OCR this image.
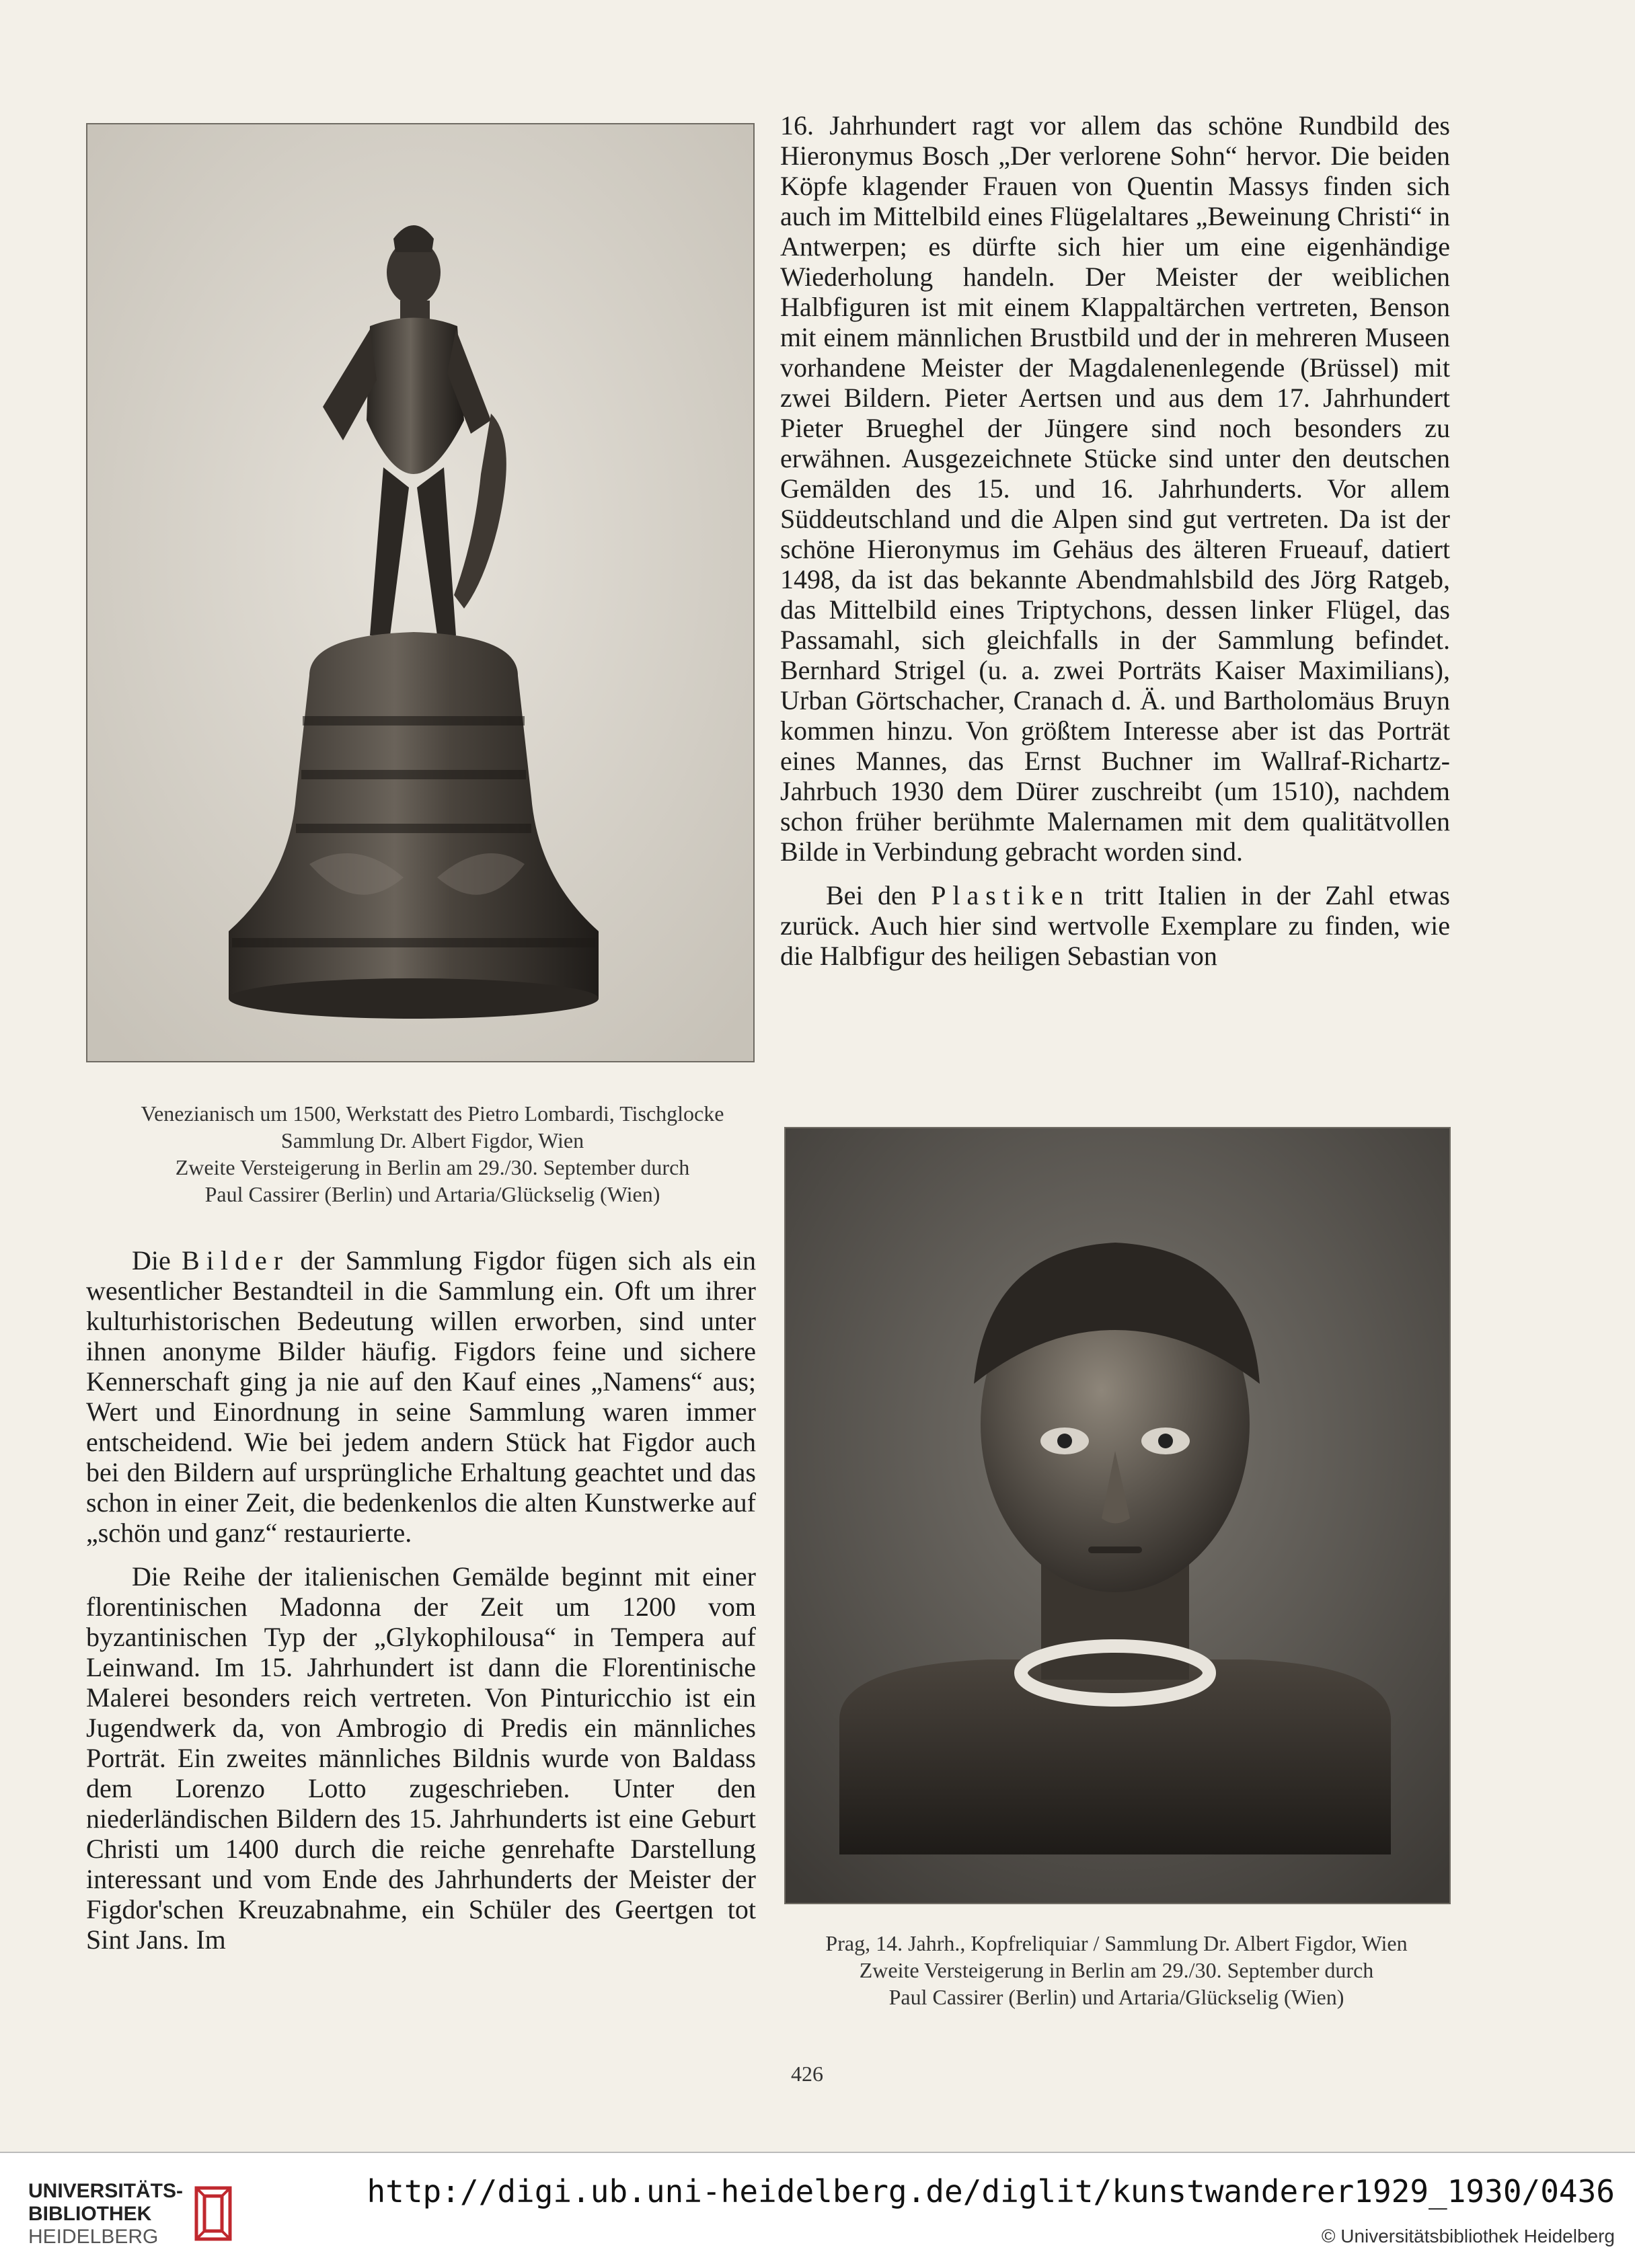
Venezianisch um 1500, Werkstatt des Pietro Lombardi, Tischglocke
Sammlung Dr. Albert Figdor, Wien
Zweite Versteigerung in Berlin am 29./30. September durch
Paul Cassirer (Berlin) und Artaria/Glückselig (Wien)

16. Jahrhundert ragt vor allem das schöne Rundbild des Hieronymus Bosch „Der verlorene Sohn“ hervor. Die beiden Köpfe klagender Frauen von Quentin Massys finden sich auch im Mittelbild eines Flügelaltares „Beweinung Christi“ in Antwerpen; es dürfte sich hier um eine eigenhändige Wiederholung handeln. Der Meister der weiblichen Halbfiguren ist mit einem Klappaltärchen vertreten, Benson mit einem männlichen Brustbild und der in mehreren Museen vorhandene Meister der Magdalenenlegende (Brüssel) mit zwei Bildern. Pieter Aertsen und aus dem 17. Jahrhundert Pieter Brueghel der Jüngere sind noch besonders zu erwähnen. Ausgezeichnete Stücke sind unter den deutschen Gemälden des 15. und 16. Jahrhunderts. Vor allem Süddeutschland und die Alpen sind gut vertreten. Da ist der schöne Hieronymus im Gehäus des älteren Frueauf, datiert 1498, da ist das bekannte Abendmahlsbild des Jörg Ratgeb, das Mittelbild eines Triptychons, dessen linker Flügel, das Passamahl, sich gleichfalls in der Sammlung befindet. Bernhard Strigel (u. a. zwei Porträts Kaiser Maximilians), Urban Görtschacher, Cranach d. Ä. und Bartholomäus Bruyn kommen hinzu. Von größtem Interesse aber ist das Porträt eines Mannes, das Ernst Buchner im Wallraf-Richartz-Jahrbuch 1930 dem Dürer zuschreibt (um 1510), nachdem schon früher berühmte Malernamen mit dem qualitätvollen Bilde in Verbindung gebracht worden sind.

Bei den Plastiken tritt Italien in der Zahl etwas zurück. Auch hier sind wertvolle Exemplare zu finden, wie die Halbfigur des heiligen Sebastian von

Prag, 14. Jahrh., Kopfreliquiar / Sammlung Dr. Albert Figdor, Wien
Zweite Versteigerung in Berlin am 29./30. September durch
Paul Cassirer (Berlin) und Artaria/Glückselig (Wien)

Die Bilder der Sammlung Figdor fügen sich als ein wesentlicher Bestandteil in die Sammlung ein. Oft um ihrer kulturhistorischen Bedeutung willen erworben, sind unter ihnen anonyme Bilder häufig. Figdors feine und sichere Kennerschaft ging ja nie auf den Kauf eines „Namens“ aus; Wert und Einordnung in seine Sammlung waren immer entscheidend. Wie bei jedem andern Stück hat Figdor auch bei den Bildern auf ursprüngliche Erhaltung geachtet und das schon in einer Zeit, die bedenkenlos die alten Kunstwerke auf „schön und ganz“ restaurierte.

Die Reihe der italienischen Gemälde beginnt mit einer florentinischen Madonna der Zeit um 1200 vom byzantinischen Typ der „Glykophilousa“ in Tempera auf Leinwand. Im 15. Jahrhundert ist dann die Florentinische Malerei besonders reich vertreten. Von Pinturicchio ist ein Jugendwerk da, von Ambrogio di Predis ein männliches Porträt. Ein zweites männliches Bildnis wurde von Baldass dem Lorenzo Lotto zugeschrieben. Unter den niederländischen Bildern des 15. Jahrhunderts ist eine Geburt Christi um 1400 durch die reiche genrehafte Darstellung interessant und vom Ende des Jahrhunderts der Meister der Figdor'schen Kreuzabnahme, ein Schüler des Geertgen tot Sint Jans. Im

426
UNIVERSITÄTS-
BIBLIOTHEK
HEIDELBERG
http://digi.ub.uni-heidelberg.de/diglit/kunstwanderer1929_1930/0436
© Universitätsbibliothek Heidelberg
